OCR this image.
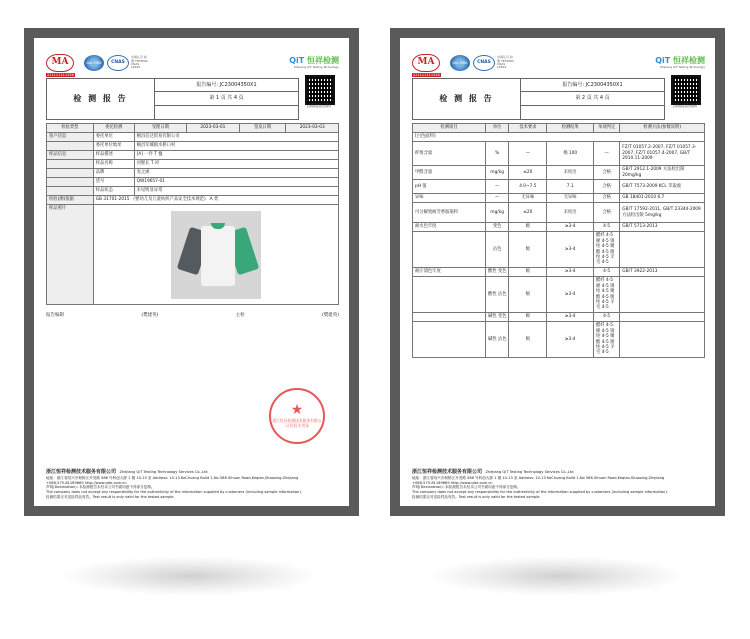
MA	ilac-MRA	CNAS
中国认可 检测 TESTING CNAS L6593
QiT 恒祥检测
Zhejiang QiT Testing Technology
221111111326
检 测 报 告
报告编号: JC23004350X1
第 1 页 共 4 页
扫码验证报告真伪
检验类型	委托检测	受理日期	2023-03-01	签发日期	2023-03-03
客户信息	委托单位	桐昌信达贸易有限公司			
	委托单位地址	桐昌军城镇水桥口村			
样品信息	样品描述	[A] 一件 T 恤			
	样品名称	河狸长 T 衫			
	品牌	宠之涵			
	货号	QW19657-01			
	样品状态	未见明显异常			
检验(测)依据	GB 31701-2015 《婴幼儿及儿童纺织产品安全技术规范》 A 类				
样品照片					
报告编制	(樊建英)	主检	(樊建英)
★
浙江恒祥检测技术服务有限公司 检验专用章
浙江恒祥检测技术服务有限公司 ZheJiang QiT Testing Technology Services Co.,Ltd
地址：浙江省绍兴市柯桥区开发路 586 号科创大厦 1 楼 10-13 室 Address: 10-13 KeChuang Build 1,No 586 Xihuan Road,Keqiao,Shaoxing,Zhejiang
+086-575-81169669 http://www.qite.com.cn
声明(Declaration): 本检测报告未经本公司书面同意不得部分复制。
The company does not accept any responsibility for the authenticity of the information supplied by customers (including sample information).
检测结果仅对送检样品有效。Test result is only valid for the tested sample.
MA	ilac-MRA	CNAS
中国认可 检测 TESTING CNAS L6593
QiT 恒祥检测
Zhejiang QiT Testing Technology
221111111326
检 测 报 告
报告编号: JC23004350X1
第 2 页 共 4 页
扫码验证报告真伪
检测项目	单位	技术要求	检测结果	单项判定	检测方法(参数说明)
[白色面料]					
纤维含量	%	—	棉 100	—	FZ/T 01057.2-2007, FZ/T 01057.3-2007, FZ/T 01057.4-2007, GB/T 2910.11-2009
甲醛含量	mg/kg	≤20	未检出	合格	GB/T 2912.1-2009 方法检出限20mg/kg
pH 值	—	4.0~7.5	7.1	合格	GB/T 7573-2009 KCL 萃取液
异味	—	无异味	无异味	合格	GB 18401-2010 6.7
可分解致癌芳香胺染料	mg/kg	≤20	未检出	合格	GB/T 17592-2011, GB/T 23344-2009 方法检出限 5mg/kg
耐水色牢度	变色	级	≥3-4	4-5	GB/T 5713-2013
	沾色	级	≥3-4	醋纤 4-5 棉 4-5 锦纶 4-5 聚酯 4-5 腈纶 4-5 羊毛 4-5	
耐汗渍色牢度	酸性 变色	级	≥3-4	4-5	GB/T 3922-2013
	酸性 沾色	级	≥3-4	醋纤 4-5 棉 4-5 锦纶 4-5 聚酯 4-5 腈纶 4-5 羊毛 4-5	
	碱性 变色	级	≥3-4	4-5	
	碱性 沾色	级	≥3-4	醋纤 4-5 棉 4-5 锦纶 4-5 聚酯 4-5 腈纶 4-5 羊毛 4-5	
浙江恒祥检测技术服务有限公司 ZheJiang QiT Testing Technology Services Co.,Ltd
地址：浙江省绍兴市柯桥区开发路 586 号科创大厦 1 楼 10-13 室 Address: 10-13 KeChuang Build 1,No 586 Xihuan Road,Keqiao,Shaoxing,Zhejiang
+086-575-81169669 http://www.qite.com.cn
声明(Declaration): 本检测报告未经本公司书面同意不得部分复制。
The company does not accept any responsibility for the authenticity of the information supplied by customers (including sample information).
检测结果仅对送检样品有效。Test result is only valid for the tested sample.
